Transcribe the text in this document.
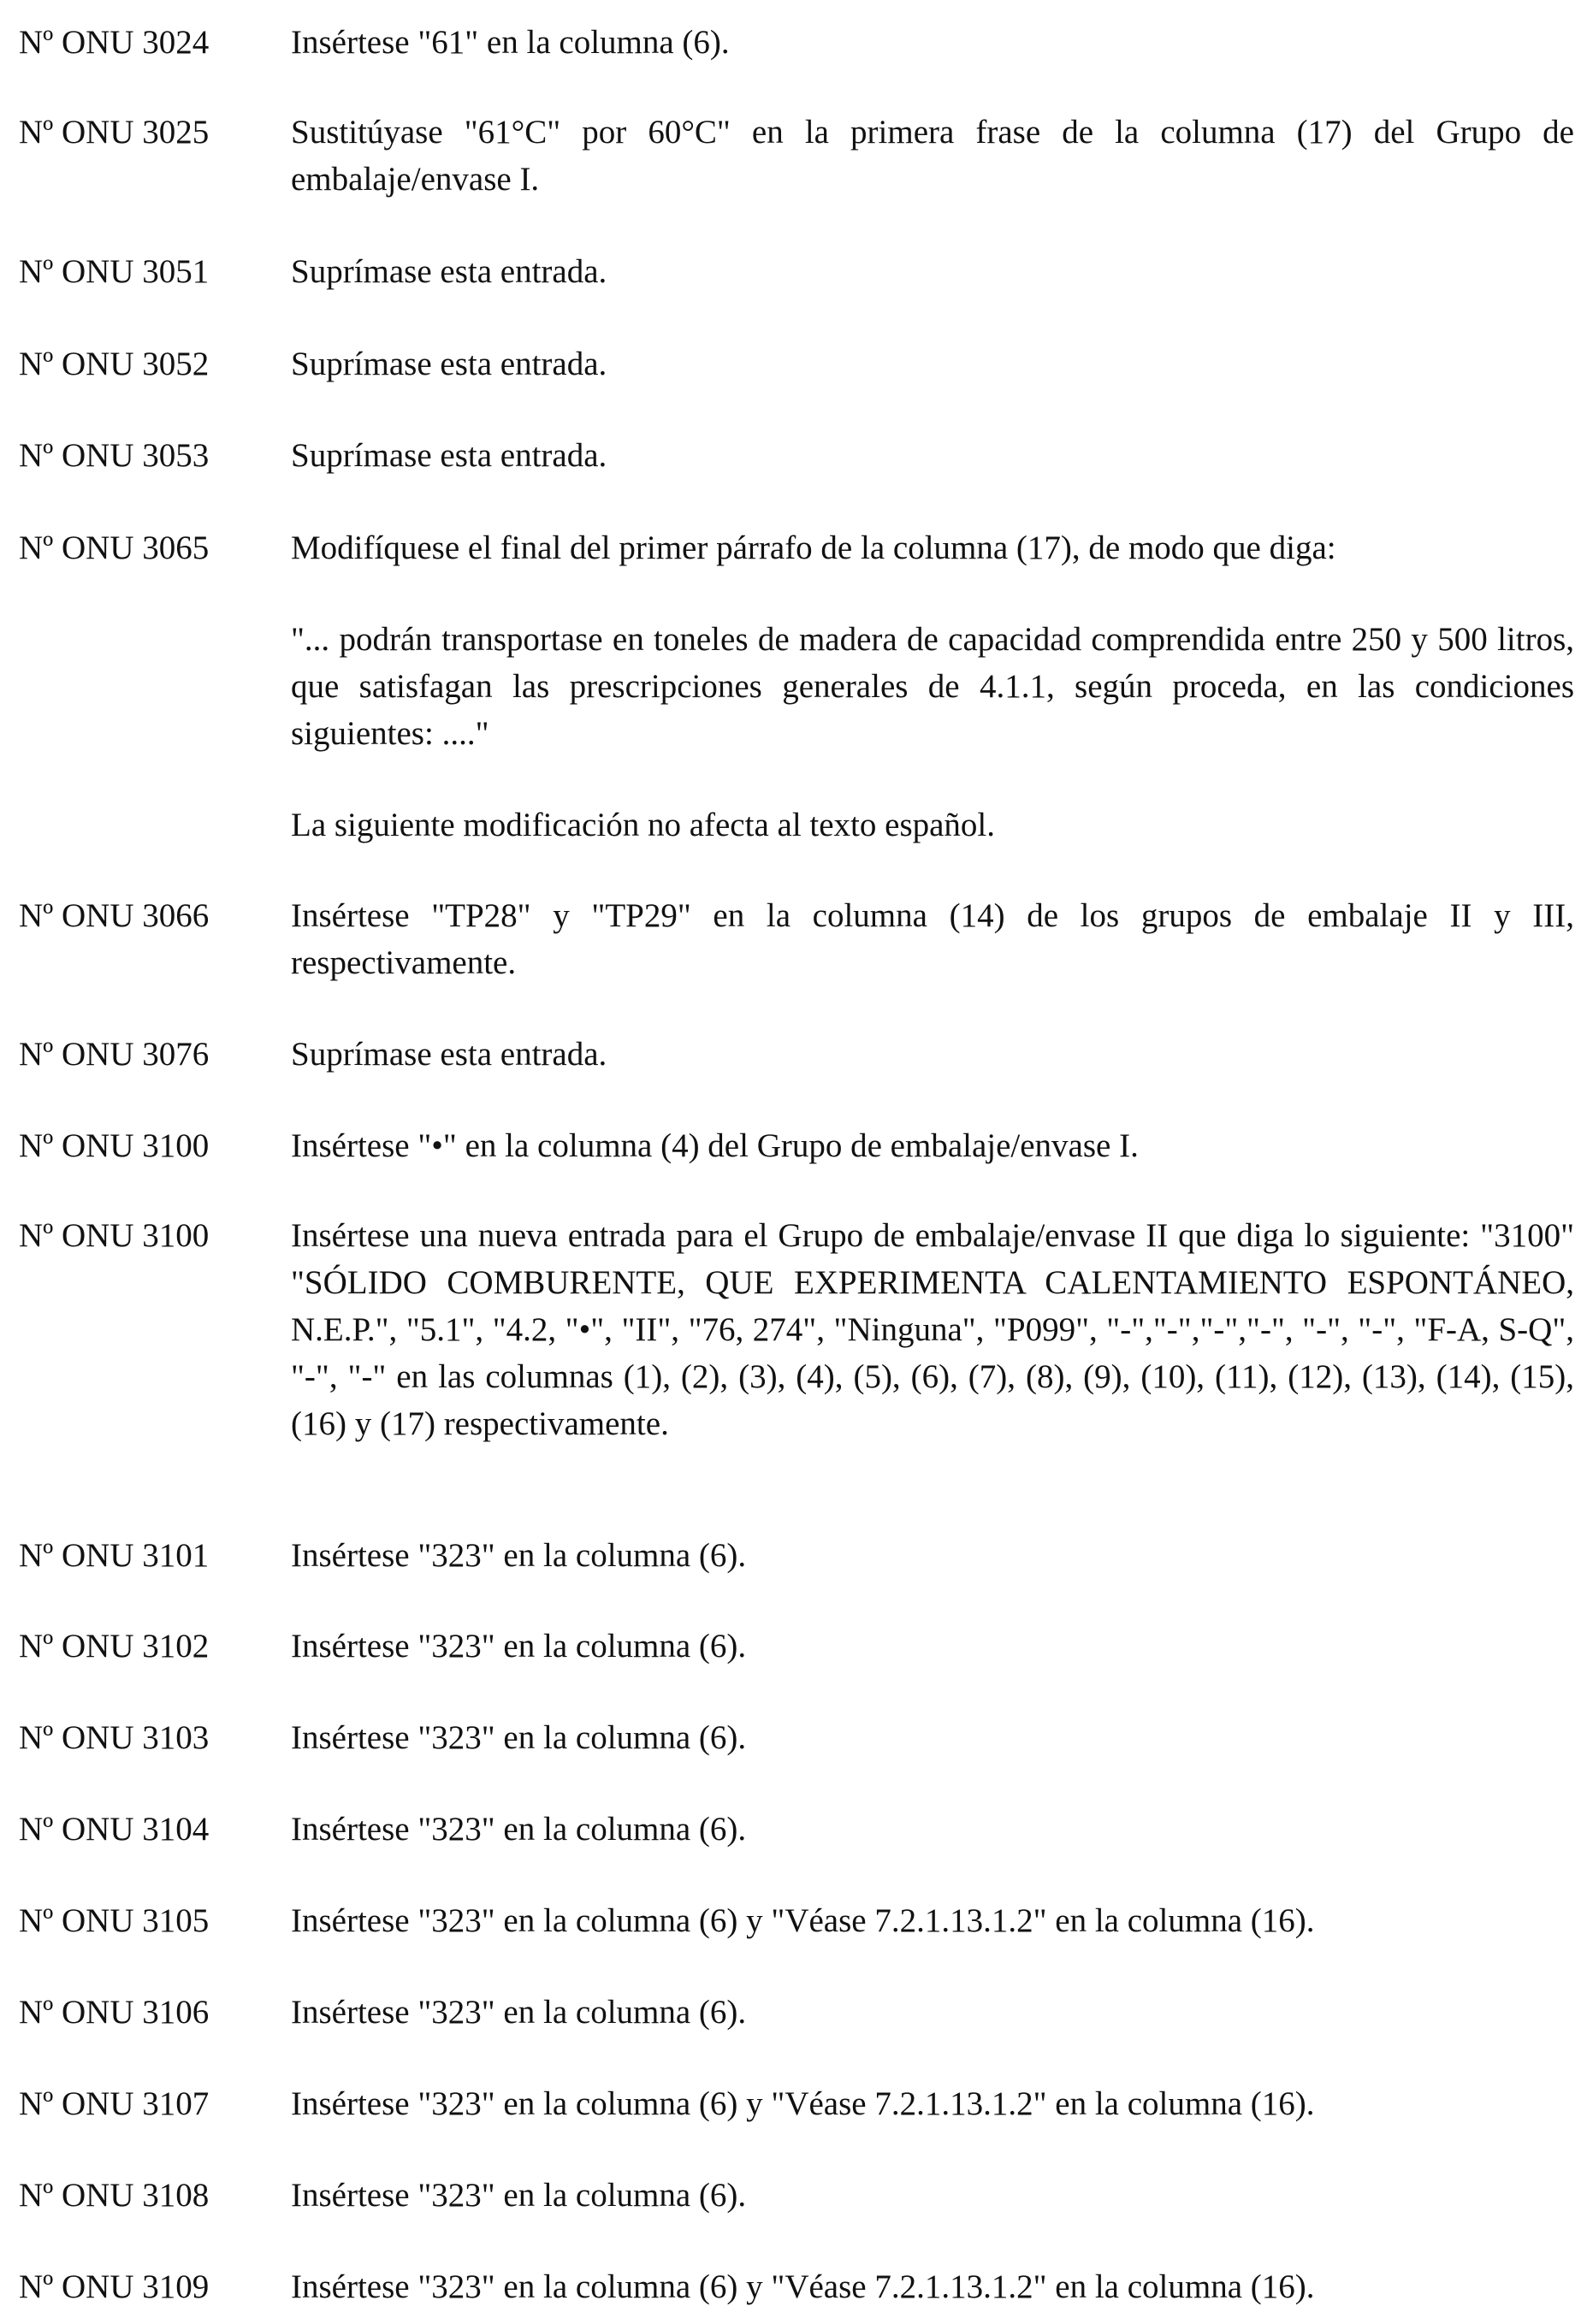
Nº ONU 3024 Insértese "61" en la columna (6).

Nº ONU 3025 Sustitúyase "61°C" por 60°C" en la primera frase de la columna (17) del Grupo de embalaje/envase I.

Nº ONU 3051 Suprímase esta entrada.

Nº ONU 3052 Suprímase esta entrada.

Nº ONU 3053 Suprímase esta entrada.

Nº ONU 3065 Modifíquese el final del primer párrafo de la columna (17), de modo que diga:

"... podrán transportase en toneles de madera de capacidad comprendida entre 250 y 500 litros, que satisfagan las prescripciones generales de 4.1.1, según proceda, en las condiciones siguientes: ...."

La siguiente modificación no afecta al texto español.

Nº ONU 3066 Insértese "TP28" y "TP29" en la columna (14) de los grupos de embalaje II y III, respectivamente.

Nº ONU 3076 Suprímase esta entrada.

Nº ONU 3100 Insértese "•" en la columna (4) del Grupo de embalaje/envase I.

Nº ONU 3100 Insértese una nueva entrada para el Grupo de embalaje/envase II que diga lo siguiente: "3100" "SÓLIDO COMBURENTE, QUE EXPERIMENTA CALENTAMIENTO ESPONTÁNEO, N.E.P.", "5.1", "4.2, "•", "II", "76, 274", "Ninguna", "P099", "-","-","-","-", "-", "-", "F-A, S-Q", "-", "-" en las columnas (1), (2), (3), (4), (5), (6), (7), (8), (9), (10), (11), (12), (13), (14), (15), (16) y (17) respectivamente.

Nº ONU 3101 Insértese "323" en la columna (6).

Nº ONU 3102 Insértese "323" en la columna (6).

Nº ONU 3103 Insértese "323" en la columna (6).

Nº ONU 3104 Insértese "323" en la columna (6).

Nº ONU 3105 Insértese "323" en la columna (6) y "Véase 7.2.1.13.1.2" en la columna (16).

Nº ONU 3106 Insértese "323" en la columna (6).

Nº ONU 3107 Insértese "323" en la columna (6) y "Véase 7.2.1.13.1.2" en la columna (16).

Nº ONU 3108 Insértese "323" en la columna (6).

Nº ONU 3109 Insértese "323" en la columna (6) y "Véase 7.2.1.13.1.2" en la columna (16).
